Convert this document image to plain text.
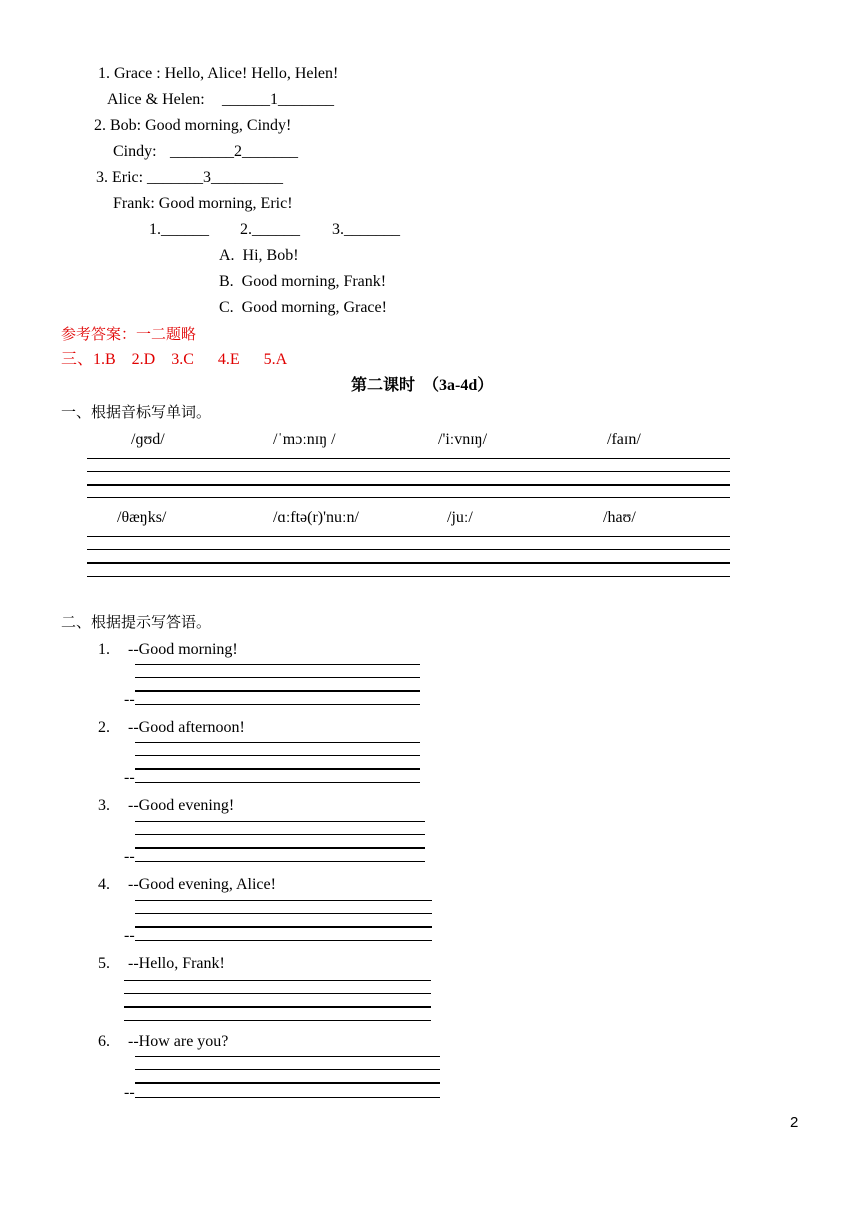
1. Grace : Hello, Alice! Hello, Helen!
Alice & Helen: ______1_______
2. Bob: Good morning, Cindy!
Cindy: ________2_______
3. Eric: _______3_________
Frank: Good morning, Eric!
1.______ 2.______ 3._______
A.  Hi, Bob!
B.  Good morning, Frank!
C.  Good morning, Grace!
参考答案：一二题略
三、1.B    2.D    3.C      4.E      5.A
第二课时  （3a-4d）
一、根据音标写单词。
/ɡʊd/	/ˈmɔːnɪŋ /	/'iːvnɪŋ/	/faɪn/
/θæŋks/	/ɑːftə(r)'nuːn/	/juː/	/haʊ/
二、根据提示写答语。
1. --Good morning!
--
2. --Good afternoon!
--
3. --Good evening!
--
4. --Good evening, Alice!
--
5. --Hello, Frank!
6. --How are you?
--
2
